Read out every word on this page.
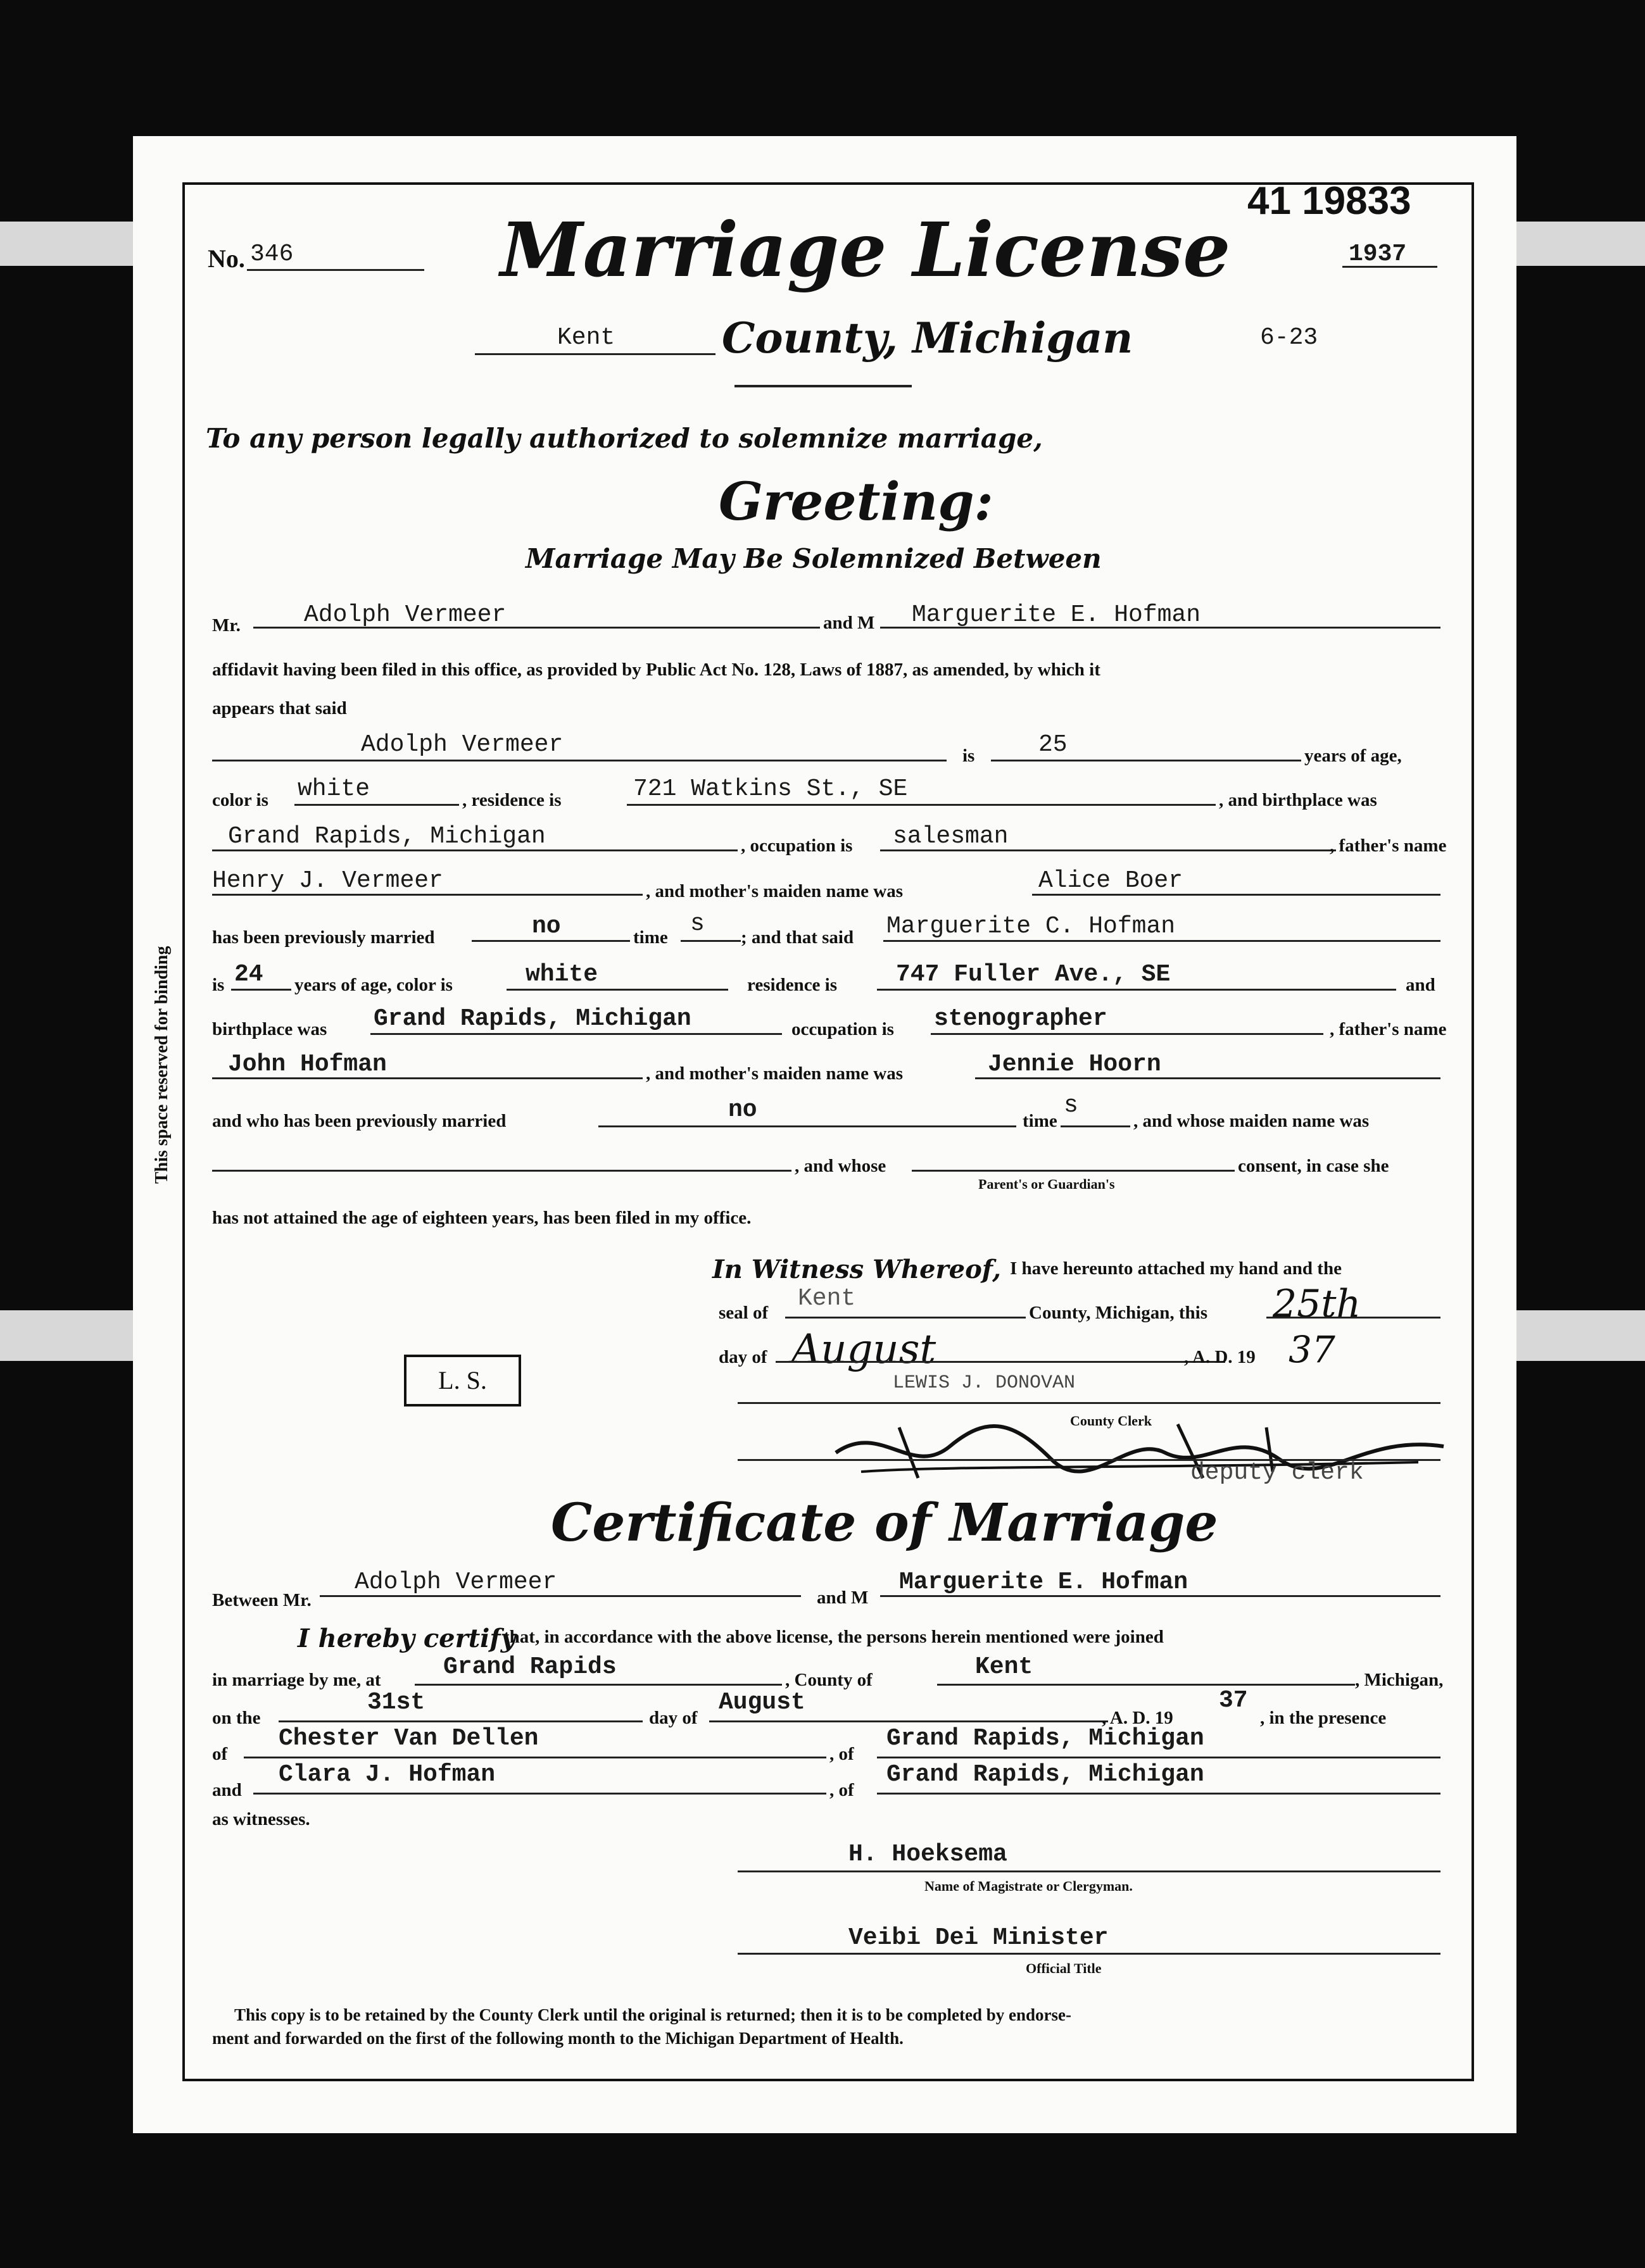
This space reserved for binding
41 19833
No. 346	Marriage License	1937
Kent	County, Michigan	6-23
To any person legally authorized to solemnize marriage,
Greeting:
Marriage May Be Solemnized Between
Mr.	Adolph Vermeer	and M Marguerite E. Hofman
affidavit having been filed in this office, as provided by Public Act No. 128, Laws of 1887, as amended, by which it
appears that said
Adolph Vermeer	is	25	years of age,
color is white	, residence is	721 Watkins St., SE	, and birthplace was
Grand Rapids, Michigan	, occupation is salesman	, father's name
Henry J. Vermeer	, and mother's maiden name was	Alice Boer
has been previously married	no	time s ; and that said Marguerite C. Hofman
is 24 years of age, color is	white	residence is 747 Fuller Ave., SE	and
birthplace was Grand Rapids, Michigan	occupation is stenographer	, father's name
John Hofman	, and mother's maiden name was	Jennie Hoorn
and who has been previously married	no	time
s
, and whose maiden name was
, and whose	consent, in case she
Parent's or Guardian's
has not attained the age of eighteen years, has been filed in my office.
In Witness Whereof, I have hereunto attached my hand and the
seal of
Kent
County, Michigan, this 25th
day of August	, A. D. 19 37
LEWIS J. DONOVAN
County Clerk
deputy clerk
L. S.
Certificate of Marriage
Between Mr.
Adolph Vermeer
and M
Marguerite E. Hofman
I hereby certify
that, in accordance with the above license, the persons herein mentioned were joined
in marriage by me, at	Grand Rapids	, County of	Kent	, Michigan,
on the
31st
day of
August
, A. D. 19
37
, in the presence
of
Chester Van Dellen
, of
Grand Rapids, Michigan
and
Clara J. Hofman
, of
Grand Rapids, Michigan
as witnesses.
H. Hoeksema
Name of Magistrate or Clergyman.
Veibi Dei Minister
Official Title
This copy is to be retained by the County Clerk until the original is returned; then it is to be completed by endorse-
ment and forwarded on the first of the following month to the Michigan Department of Health.
